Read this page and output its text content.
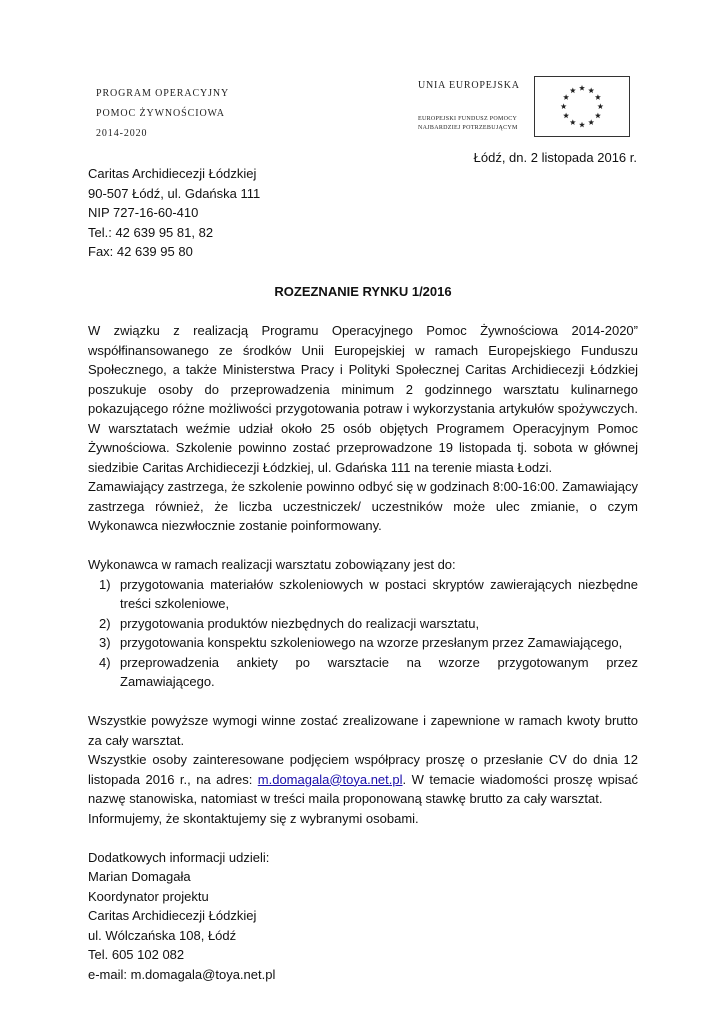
PROGRAM OPERACYJNY
POMOC ŻYWNOŚCIOWA
2014-2020
UNIA EUROPEJSKA
EUROPEJSKI FUNDUSZ POMOCY
NAJBARDZIEJ POTRZEBUJĄCYM
Łódź, dn. 2 listopada 2016 r.

Caritas Archidiecezji Łódzkiej

90-507 Łódź, ul. Gdańska 111

NIP 727-16-60-410

Tel.: 42 639 95 81, 82

Fax: 42 639 95 80

ROZEZNANIE RYNKU 1/2016

W związku z realizacją Programu Operacyjnego Pomoc Żywnościowa 2014-2020” współfinansowanego ze środków Unii Europejskiej w ramach Europejskiego Funduszu Społecznego, a także Ministerstwa Pracy i Polityki Społecznej Caritas Archidiecezji Łódzkiej poszukuje osoby do przeprowadzenia minimum 2 godzinnego warsztatu kulinarnego pokazującego różne możliwości przygotowania potraw i wykorzystania artykułów spożywczych. W warsztatach weźmie udział około 25 osób objętych Programem Operacyjnym Pomoc Żywnościowa. Szkolenie powinno zostać przeprowadzone 19 listopada tj. sobota w głównej siedzibie Caritas Archidiecezji Łódzkiej, ul. Gdańska 111 na terenie miasta Łodzi.

Zamawiający zastrzega, że szkolenie powinno odbyć się w godzinach 8:00-16:00. Zamawiający zastrzega również, że liczba uczestniczek/ uczestników może ulec zmianie, o czym Wykonawca niezwłocznie zostanie poinformowany.

Wykonawca w ramach realizacji warsztatu zobowiązany jest do:

1) przygotowania materiałów szkoleniowych w postaci skryptów zawierających niezbędne treści szkoleniowe,
2) przygotowania produktów niezbędnych do realizacji warsztatu,
3) przygotowania konspektu szkoleniowego na wzorze przesłanym przez Zamawiającego,
4) przeprowadzenia ankiety po warsztacie na wzorze przygotowanym przez Zamawiającego.

Wszystkie powyższe wymogi winne zostać zrealizowane i zapewnione w ramach kwoty brutto za cały warsztat.

Wszystkie osoby zainteresowane podjęciem współpracy proszę o przesłanie CV do dnia 12 listopada 2016 r., na adres: m.domagala@toya.net.pl. W temacie wiadomości proszę wpisać nazwę stanowiska, natomiast w treści maila proponowaną stawkę brutto za cały warsztat.

Informujemy, że skontaktujemy się z wybranymi osobami.

Dodatkowych informacji udzieli:

Marian Domagała

Koordynator projektu

Caritas Archidiecezji Łódzkiej

ul. Wólczańska 108, Łódź

Tel. 605 102 082

e-mail: m.domagala@toya.net.pl
